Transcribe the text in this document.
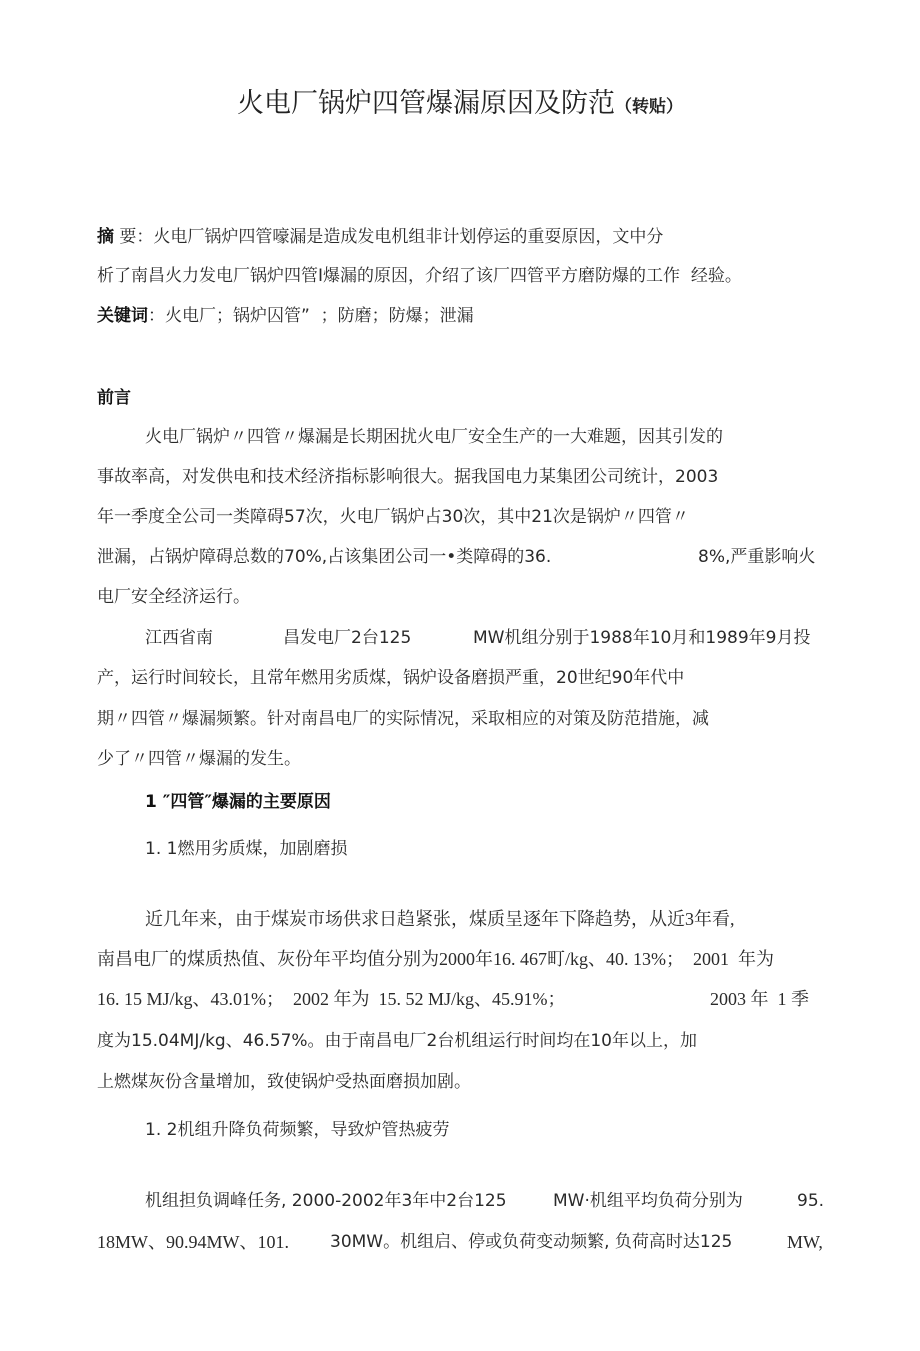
火电厂锅炉四管爆漏原因及防范（转贴）
摘 要：火电厂锅炉四管嚎漏是造成发电机组非计划停运的重耍原因，文中分
析了南昌火力发电厂锅炉四管I爆漏的原因，介绍了该厂四管平方磨防爆的工作  经验。
关键词：火电厂；锅炉囚管”  ；防磨；防爆；泄漏
前言
火电厂锅炉〃四管〃爆漏是长期困扰火电厂安全生产的一大难题，因其引发的
事故率高，对发供电和技术经济指标影响很大。据我国电力某集团公司统计，2003
年一季度全公司一类障碍57次，火电厂锅炉占30次，其中21次是锅炉〃四管〃
泄漏，占锅炉障碍总数的70%,占该集团公司一•类障碍的36.	8%,严重影响火
电厂安全经济运行。
江西省南	昌发电厂2台125	MW机组分别于1988年10月和1989年9月投
产，运行时间较长，且常年燃用劣质煤，锅炉设备磨损严重，20世纪90年代中
期〃四管〃爆漏频繁。针对南昌电厂的实际情况，采取相应的对策及防范措施，减
少了〃四管〃爆漏的发生。
1 ″四管″爆漏的主要原因
1. 1燃用劣质煤，加剧磨损
近几年来，由于煤炭市场供求日趋紧张，煤质呈逐年下降趋势，从近3年看,
南昌电厂的煤质热值、灰份年平均值分别为2000年16. 467町/kg、40. 13%；  2001  年为
16. 15 MJ/kg、43.01%；  2002 年为  15. 52 MJ/kg、45.91%；	2003 年  1 季
度为15.04MJ/kg、46.57%。由于南昌电厂2台机组运行时间均在10年以上，加
上燃煤灰份含量增加，致使锅炉受热面磨损加剧。
1. 2机组升降负荷频繁，导致炉管热疲劳
机组担负调峰任务, 2000-2002年3年中2台125	MW·机组平均负荷分别为	95.
18MW、90.94MW、101. 30MW。机组启、停或负荷变动频繁, 负荷高时达125	MW,
